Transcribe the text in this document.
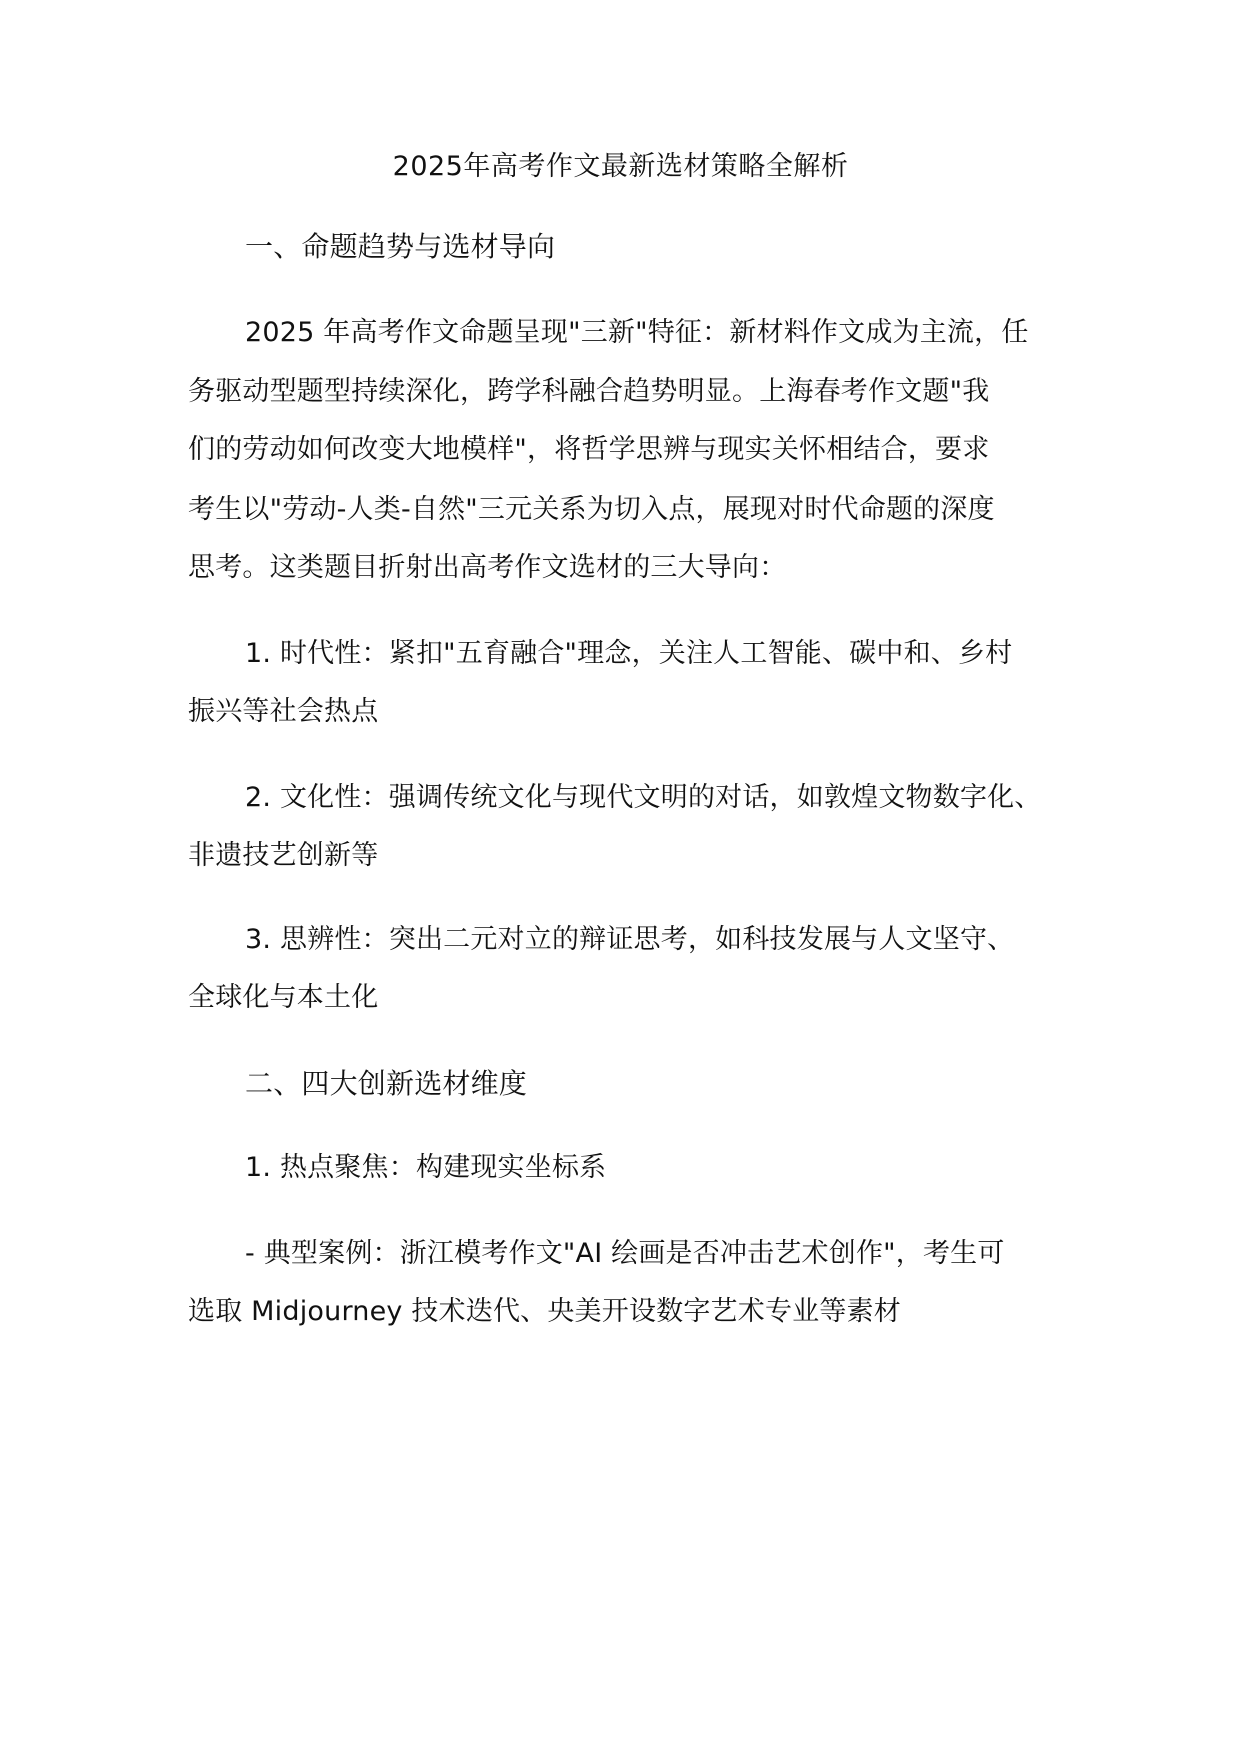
2025年高考作文最新选材策略全解析
一、命题趋势与选材导向
2025 年高考作文命题呈现"三新"特征：新材料作文成为主流，任
务驱动型题型持续深化，跨学科融合趋势明显。上海春考作文题"我
们的劳动如何改变大地模样"，将哲学思辨与现实关怀相结合，要求
考生以"劳动-人类-自然"三元关系为切入点，展现对时代命题的深度
思考。这类题目折射出高考作文选材的三大导向：
1. 时代性：紧扣"五育融合"理念，关注人工智能、碳中和、乡村
振兴等社会热点
2. 文化性：强调传统文化与现代文明的对话，如敦煌文物数字化、
非遗技艺创新等
3. 思辨性：突出二元对立的辩证思考，如科技发展与人文坚守、
全球化与本土化
二、四大创新选材维度
1. 热点聚焦：构建现实坐标系
- 典型案例：浙江模考作文"AI 绘画是否冲击艺术创作"，考生可
选取 Midjourney 技术迭代、央美开设数字艺术专业等素材
